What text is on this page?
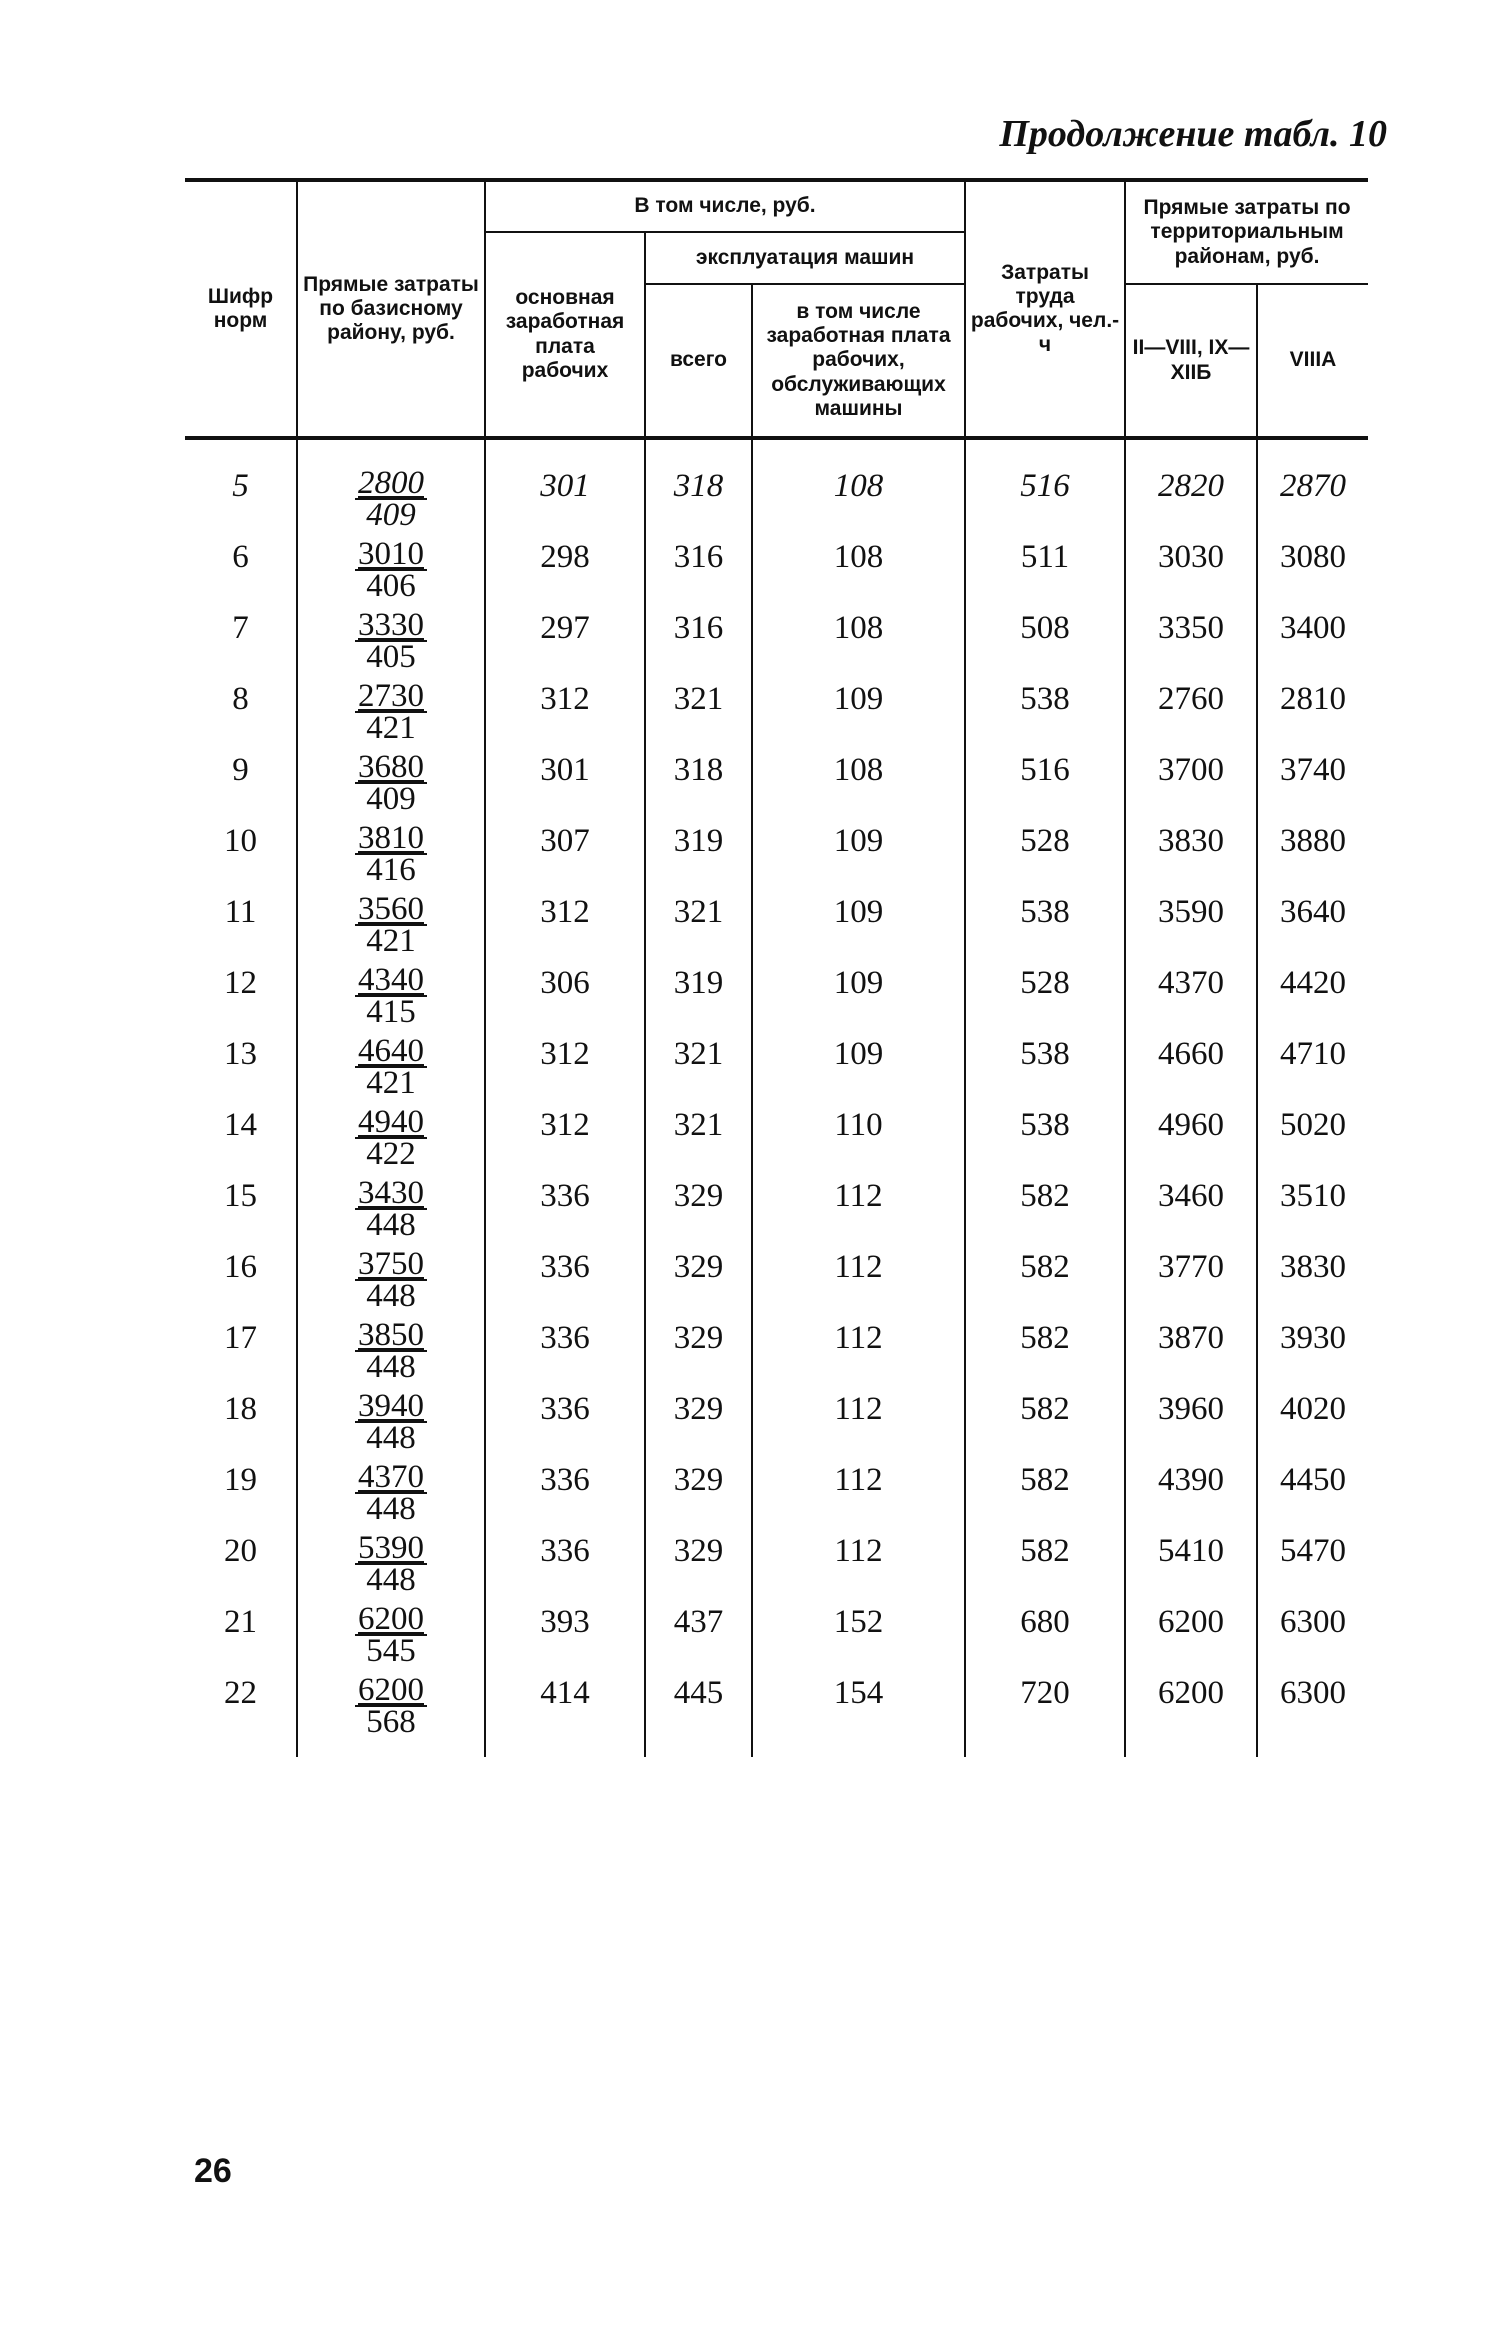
Продолжение табл. 10
Шифр норм	Прямые затраты по базисному району, руб.	В том числе, руб.			Затраты труда рабочих, чел.-ч	Прямые затраты по территориальным районам, руб.	
		основная заработная плата рабочих	эксплуатация машин				
			всего	в том числе заработная плата рабочих, обслуживающих машины		II—VIII, IX—XIIБ	VIIIA

5	$\frac{2800}{409}$	301	318	108	516	2820	2870
6	$\frac{3010}{406}$	298	316	108	511	3030	3080
7	$\frac{3330}{405}$	297	316	108	508	3350	3400
8	$\frac{2730}{421}$	312	321	109	538	2760	2810
9	$\frac{3680}{409}$	301	318	108	516	3700	3740
10	$\frac{3810}{416}$	307	319	109	528	3830	3880
11	$\frac{3560}{421}$	312	321	109	538	3590	3640
12	$\frac{4340}{415}$	306	319	109	528	4370	4420
13	$\frac{4640}{421}$	312	321	109	538	4660	4710
14	$\frac{4940}{422}$	312	321	110	538	4960	5020
15	$\frac{3430}{448}$	336	329	112	582	3460	3510
16	$\frac{3750}{448}$	336	329	112	582	3770	3830
17	$\frac{3850}{448}$	336	329	112	582	3870	3930
18	$\frac{3940}{448}$	336	329	112	582	3960	4020
19	$\frac{4370}{448}$	336	329	112	582	4390	4450
20	$\frac{5390}{448}$	336	329	112	582	5410	5470
21	$\frac{6200}{545}$	393	437	152	680	6200	6300
22	$\frac{6200}{568}$	414	445	154	720	6200	6300
26
